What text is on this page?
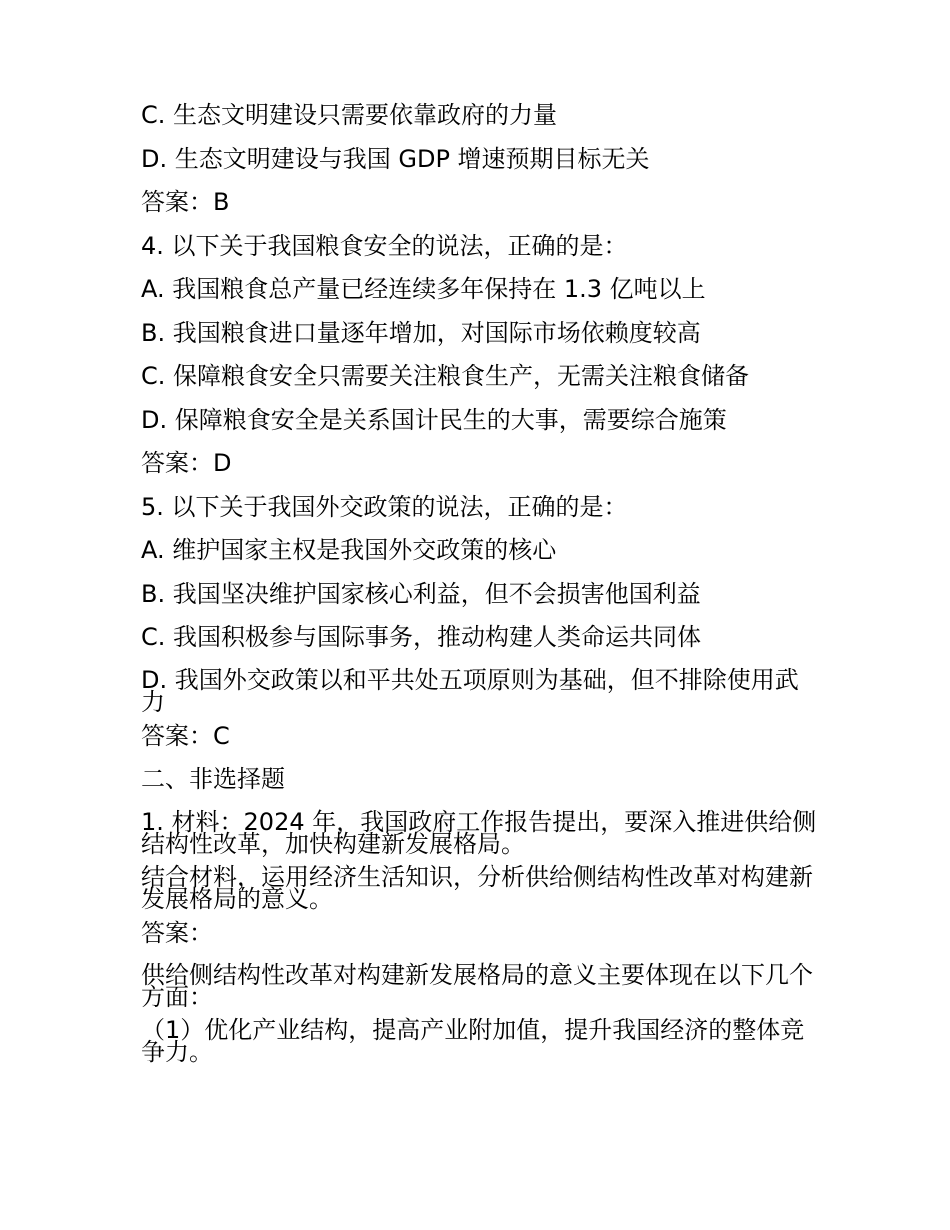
C. 生态文明建设只需要依靠政府的力量

D. 生态文明建设与我国 GDP 增速预期目标无关

答案：B

4. 以下关于我国粮食安全的说法，正确的是：

A. 我国粮食总产量已经连续多年保持在 1.3 亿吨以上

B. 我国粮食进口量逐年增加，对国际市场依赖度较高

C. 保障粮食安全只需要关注粮食生产，无需关注粮食储备

D. 保障粮食安全是关系国计民生的大事，需要综合施策

答案：D

5. 以下关于我国外交政策的说法，正确的是：

A. 维护国家主权是我国外交政策的核心

B. 我国坚决维护国家核心利益，但不会损害他国利益

C. 我国积极参与国际事务，推动构建人类命运共同体

D. 我国外交政策以和平共处五项原则为基础，但不排除使用武力

答案：C

二、非选择题

1. 材料：2024 年，我国政府工作报告提出，要深入推进供给侧结构性改革，加快构建新发展格局。

结合材料，运用经济生活知识，分析供给侧结构性改革对构建新发展格局的意义。

答案：

供给侧结构性改革对构建新发展格局的意义主要体现在以下几个方面：

（1）优化产业结构，提高产业附加值，提升我国经济的整体竞争力。
